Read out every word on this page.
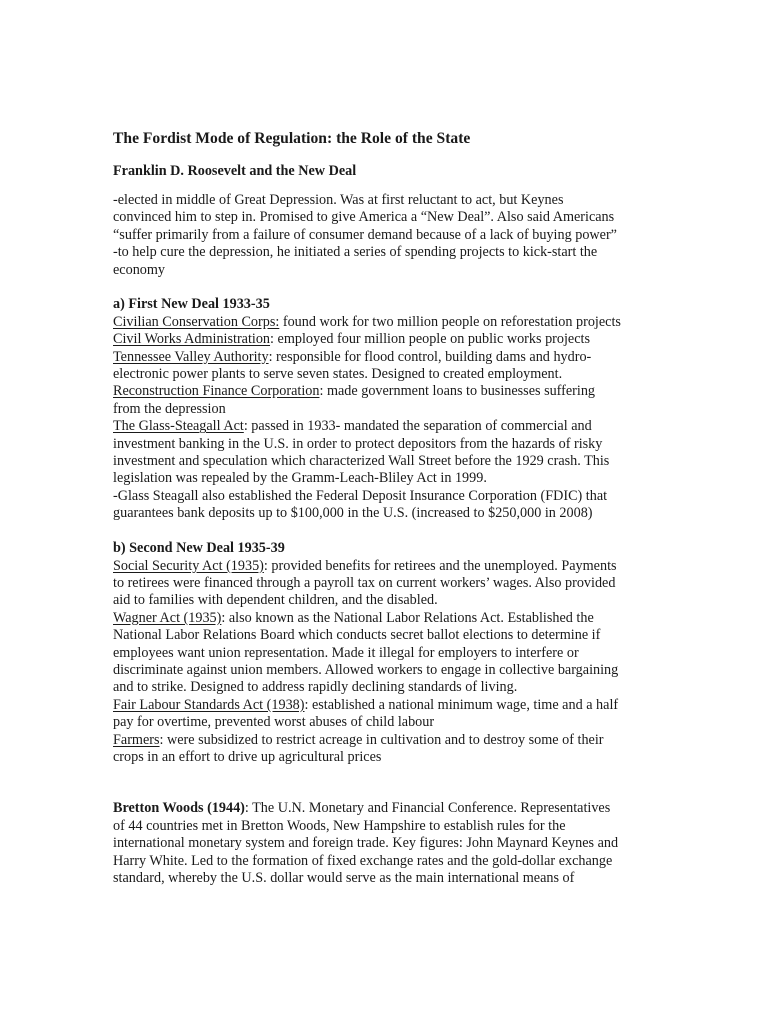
The Fordist Mode of Regulation: the Role of the State
Franklin D. Roosevelt and the New Deal

-elected in middle of Great Depression. Was at first reluctant to act, but Keynes

convinced him to step in. Promised to give America a “New Deal”. Also said Americans

“suffer primarily from a failure of consumer demand because of a lack of buying power”

-to help cure the depression, he initiated a series of spending projects to kick-start the

economy

a) First New Deal 1933-35

Civilian Conservation Corps: found work for two million people on reforestation projects

Civil Works Administration: employed four million people on public works projects

Tennessee Valley Authority: responsible for flood control, building dams and hydro-

electronic power plants to serve seven states. Designed to created employment.

Reconstruction Finance Corporation: made government loans to businesses suffering

from the depression

The Glass-Steagall Act: passed in 1933- mandated the separation of commercial and

investment banking in the U.S. in order to protect depositors from the hazards of risky

investment and speculation which characterized Wall Street before the 1929 crash. This

legislation was repealed by the Gramm-Leach-Bliley Act in 1999.

-Glass Steagall also established the Federal Deposit Insurance Corporation (FDIC) that

guarantees bank deposits up to $100,000 in the U.S. (increased to $250,000 in 2008)

b) Second New Deal 1935-39

Social Security Act (1935): provided benefits for retirees and the unemployed. Payments

to retirees were financed through a payroll tax on current workers’ wages. Also provided

aid to families with dependent children, and the disabled.

Wagner Act (1935): also known as the National Labor Relations Act. Established the

National Labor Relations Board which conducts secret ballot elections to determine if

employees want union representation. Made it illegal for employers to interfere or

discriminate against union members. Allowed workers to engage in collective bargaining

and to strike. Designed to address rapidly declining standards of living.

Fair Labour Standards Act (1938): established a national minimum wage, time and a half

pay for overtime, prevented worst abuses of child labour

Farmers: were subsidized to restrict acreage in cultivation and to destroy some of their

crops in an effort to drive up agricultural prices

Bretton Woods (1944): The U.N. Monetary and Financial Conference. Representatives

of 44 countries met in Bretton Woods, New Hampshire to establish rules for the

international monetary system and foreign trade. Key figures: John Maynard Keynes and

Harry White. Led to the formation of fixed exchange rates and the gold-dollar exchange

standard, whereby the U.S. dollar would serve as the main international means of
